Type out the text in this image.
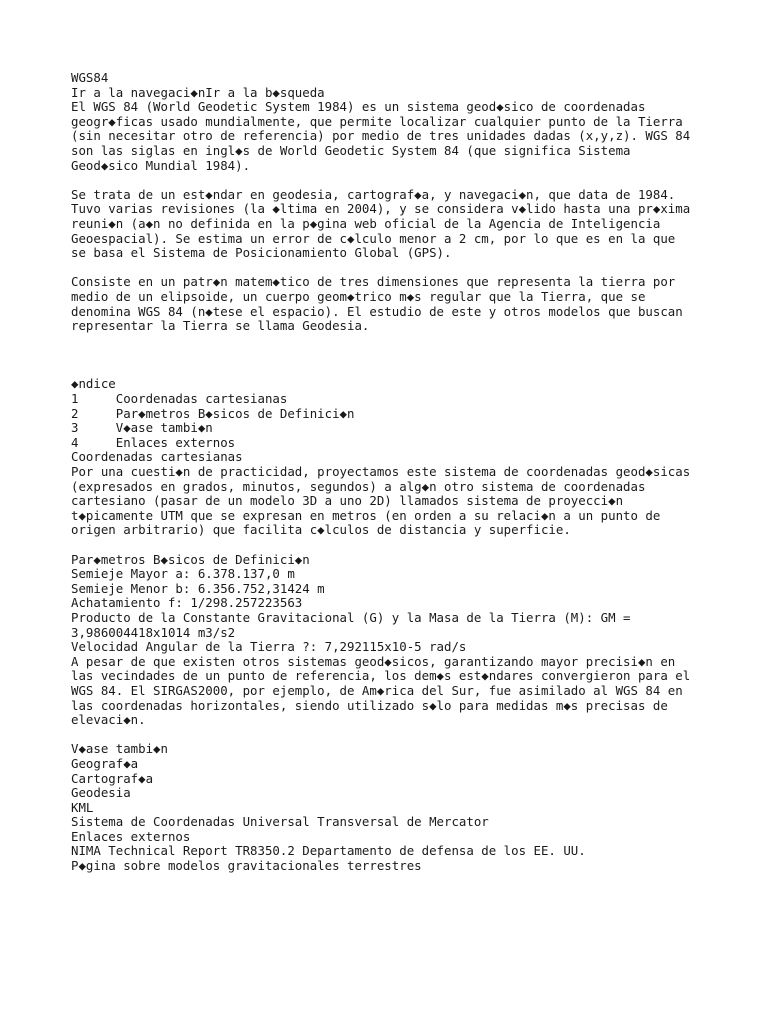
WGS84
Ir a la navegaci◆nIr a la b◆squeda
El WGS 84 (World Geodetic System 1984) es un sistema geod◆sico de coordenadas
geogr◆ficas usado mundialmente, que permite localizar cualquier punto de la Tierra
(sin necesitar otro de referencia) por medio de tres unidades dadas (x,y,z). WGS 84
son las siglas en ingl◆s de World Geodetic System 84 (que significa Sistema
Geod◆sico Mundial 1984).

Se trata de un est◆ndar en geodesia, cartograf◆a, y navegaci◆n, que data de 1984.
Tuvo varias revisiones (la ◆ltima en 2004), y se considera v◆lido hasta una pr◆xima
reuni◆n (a◆n no definida en la p◆gina web oficial de la Agencia de Inteligencia
Geoespacial). Se estima un error de c◆lculo menor a 2 cm, por lo que es en la que
se basa el Sistema de Posicionamiento Global (GPS).

Consiste en un patr◆n matem◆tico de tres dimensiones que representa la tierra por
medio de un elipsoide, un cuerpo geom◆trico m◆s regular que la Tierra, que se
denomina WGS 84 (n◆tese el espacio). El estudio de este y otros modelos que buscan
representar la Tierra se llama Geodesia.

◆ndice
1     Coordenadas cartesianas
2     Par◆metros B◆sicos de Definici◆n
3     V◆ase tambi◆n
4     Enlaces externos
Coordenadas cartesianas
Por una cuesti◆n de practicidad, proyectamos este sistema de coordenadas geod◆sicas
(expresados en grados, minutos, segundos) a alg◆n otro sistema de coordenadas
cartesiano (pasar de un modelo 3D a uno 2D) llamados sistema de proyecci◆n
t◆picamente UTM que se expresan en metros (en orden a su relaci◆n a un punto de
origen arbitrario) que facilita c◆lculos de distancia y superficie.

Par◆metros B◆sicos de Definici◆n
Semieje Mayor a: 6.378.137,0 m
Semieje Menor b: 6.356.752,31424 m
Achatamiento f: 1/298.257223563
Producto de la Constante Gravitacional (G) y la Masa de la Tierra (M): GM =
3,986004418x1014 m3/s2
Velocidad Angular de la Tierra ?: 7,292115x10-5 rad/s
A pesar de que existen otros sistemas geod◆sicos, garantizando mayor precisi◆n en
las vecindades de un punto de referencia, los dem◆s est◆ndares convergieron para el
WGS 84. El SIRGAS2000, por ejemplo, de Am◆rica del Sur, fue asimilado al WGS 84 en
las coordenadas horizontales, siendo utilizado s◆lo para medidas m◆s precisas de
elevaci◆n.

V◆ase tambi◆n
Geograf◆a
Cartograf◆a
Geodesia
KML
Sistema de Coordenadas Universal Transversal de Mercator
Enlaces externos
NIMA Technical Report TR8350.2 Departamento de defensa de los EE. UU.
P◆gina sobre modelos gravitacionales terrestres
